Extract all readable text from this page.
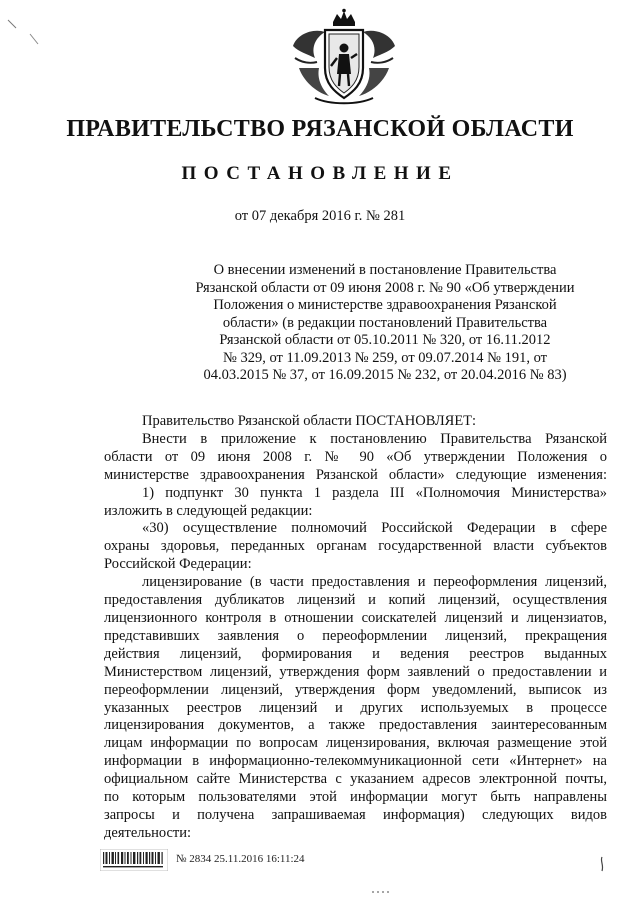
ПРАВИТЕЛЬСТВО РЯЗАНСКОЙ ОБЛАСТИ
ПОСТАНОВЛЕНИЕ
от 07 декабря 2016 г. № 281
О внесении изменений в постановление Правительства
Рязанской области от 09 июня 2008 г. № 90 «Об утверждении
Положения о министерстве здравоохранения Рязанской
области» (в редакции постановлений Правительства
Рязанской области от 05.10.2011 № 320, от 16.11.2012
№ 329, от 11.09.2013 № 259, от 09.07.2014 № 191, от
04.03.2015 № 37, от 16.09.2015 № 232, от 20.04.2016 № 83)
Правительство Рязанской области ПОСТАНОВЛЯЕТ:
Внести в приложение к постановлению Правительства Рязанской
области от 09 июня 2008 г. № 90 «Об утверждении Положения о
министерстве здравоохранения Рязанской области» следующие изменения:
1) подпункт 30 пункта 1 раздела III «Полномочия Министерства»
изложить в следующей редакции:
«30) осуществление полномочий Российской Федерации в сфере
охраны здоровья, переданных органам государственной власти субъектов
Российской Федерации:
лицензирование (в части предоставления и переоформления лицензий,
предоставления дубликатов лицензий и копий лицензий, осуществления
лицензионного контроля в отношении соискателей лицензий и лицензиатов,
представивших заявления о переоформлении лицензий, прекращения
действия лицензий, формирования и ведения реестров выданных
Министерством лицензий, утверждения форм заявлений о предоставлении и
переоформлении лицензий, утверждения форм уведомлений, выписок из
указанных реестров лицензий и других используемых в процессе
лицензирования документов, а также предоставления заинтересованным
лицам информации по вопросам лицензирования, включая размещение этой
информации в информационно-телекоммуникационной сети «Интернет» на
официальном сайте Министерства с указанием адресов электронной почты,
по которым пользователями этой информации могут быть направлены
запросы и получена запрашиваемая информация) следующих видов
деятельности:
№ 2834 25.11.2016 16:11:24
